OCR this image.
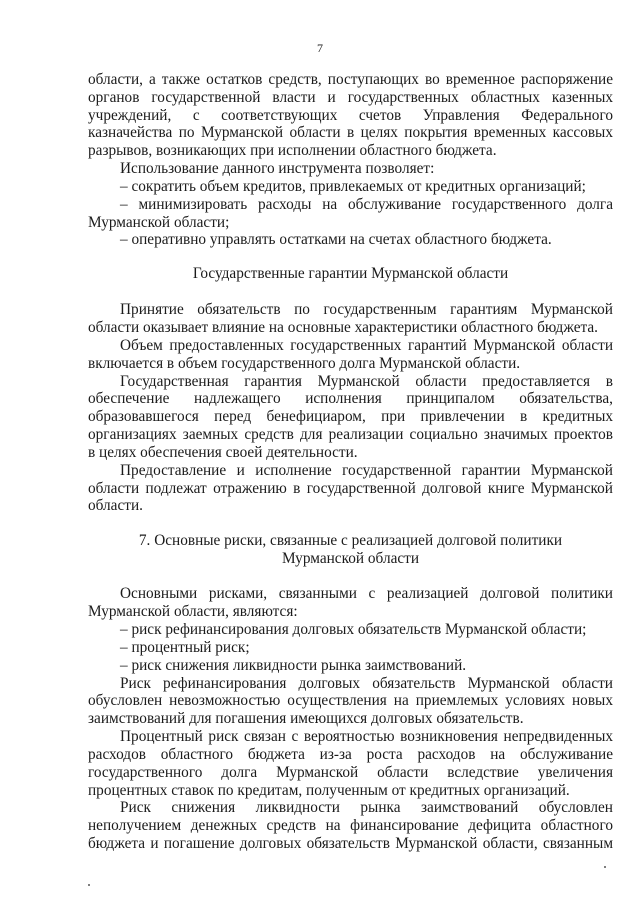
7
области, а также остатков средств, поступающих во временное распоряжение
органов государственной власти и государственных областных казенных
учреждений, с соответствующих счетов Управления Федерального
казначейства по Мурманской области в целях покрытия временных кассовых
разрывов, возникающих при исполнении областного бюджета.
Использование данного инструмента позволяет:
– сократить объем кредитов, привлекаемых от кредитных организаций;
– минимизировать расходы на обслуживание государственного долга
Мурманской области;
– оперативно управлять остатками на счетах областного бюджета.
Государственные гарантии Мурманской области
Принятие обязательств по государственным гарантиям Мурманской
области оказывает влияние на основные характеристики областного бюджета.
Объем предоставленных государственных гарантий Мурманской области
включается в объем государственного долга Мурманской области.
Государственная гарантия Мурманской области предоставляется в
обеспечение надлежащего исполнения принципалом обязательства,
образовавшегося перед бенефициаром, при привлечении в кредитных
организациях заемных средств для реализации социально значимых проектов
в целях обеспечения своей деятельности.
Предоставление и исполнение государственной гарантии Мурманской
области подлежат отражению в государственной долговой книге Мурманской
области.
7. Основные риски, связанные с реализацией долговой политики
Мурманской области
Основными рисками, связанными с реализацией долговой политики
Мурманской области, являются:
– риск рефинансирования долговых обязательств Мурманской области;
– процентный риск;
– риск снижения ликвидности рынка заимствований.
Риск рефинансирования долговых обязательств Мурманской области
обусловлен невозможностью осуществления на приемлемых условиях новых
заимствований для погашения имеющихся долговых обязательств.
Процентный риск связан с вероятностью возникновения непредвиденных
расходов областного бюджета из-за роста расходов на обслуживание
государственного долга Мурманской области вследствие увеличения
процентных ставок по кредитам, полученным от кредитных организаций.
Риск снижения ликвидности рынка заимствований обусловлен
неполучением денежных средств на финансирование дефицита областного
бюджета и погашение долговых обязательств Мурманской области, связанным
